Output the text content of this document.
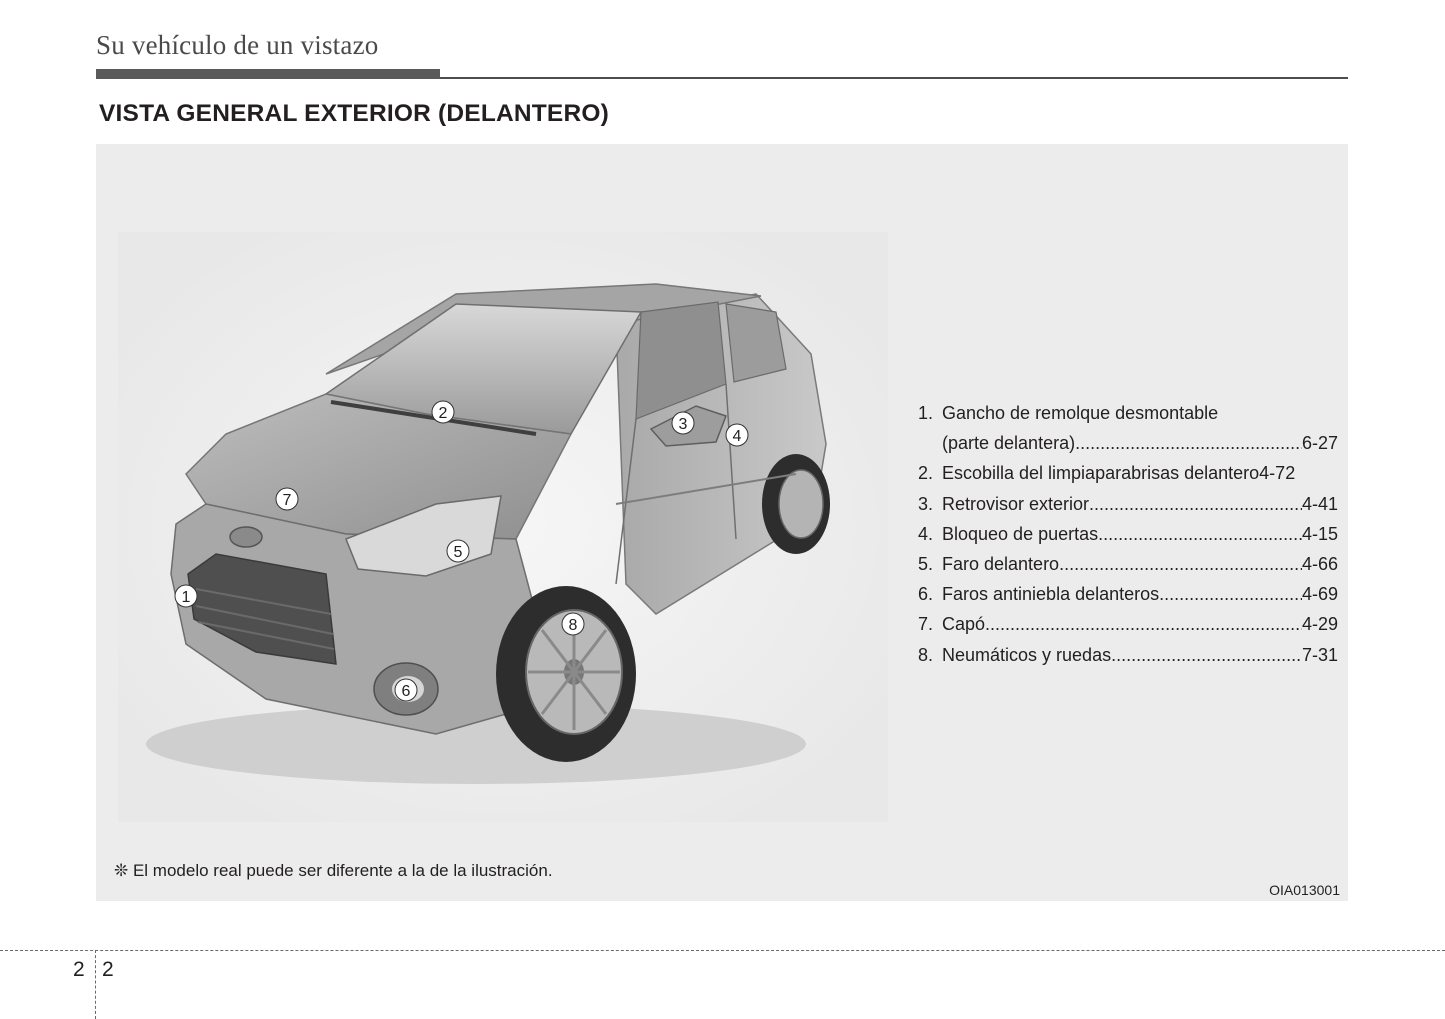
Su vehículo de un vistazo
VISTA GENERAL EXTERIOR (DELANTERO)
1
2
3
4
5
6
7
8
1. Gancho de remolque desmontable
(parte delantera) .....	6-27
2. Escobilla del limpiaparabrisas delantero 4-72
3. Retrovisor exterior .....	4-41
4. Bloqueo de puertas .....	4-15
5. Faro delantero .....	4-66
6. Faros antiniebla delanteros .....	4-69
7. Capó .....	4-29
8. Neumáticos y ruedas .....	7-31
❊ El modelo real puede ser diferente a la de la ilustración.
OIA013001
2 2
